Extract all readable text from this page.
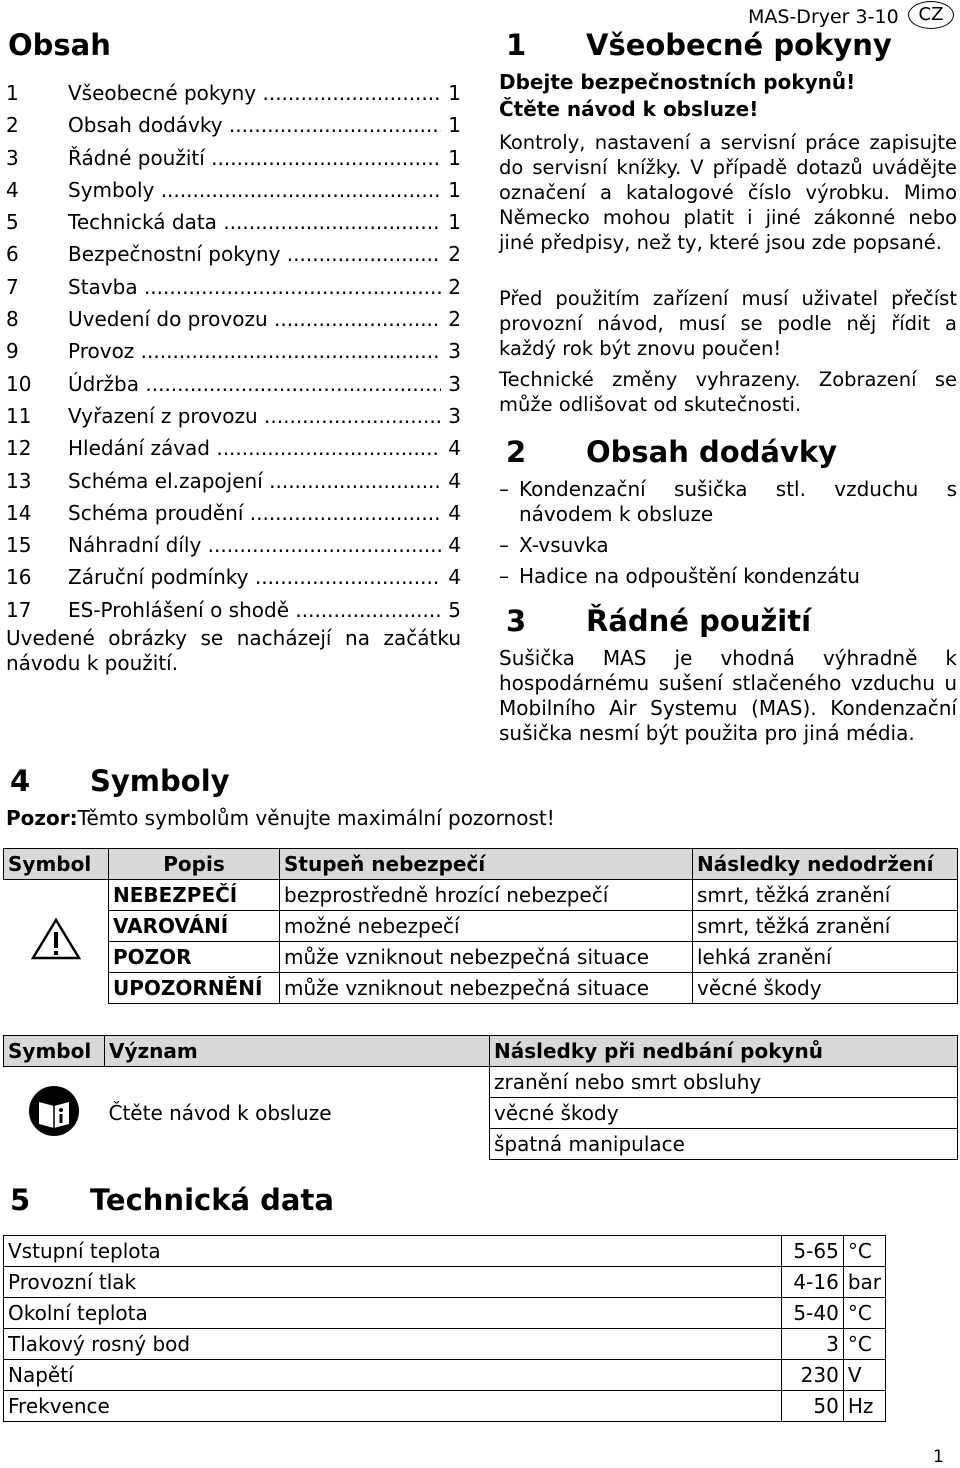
MAS-Dryer 3-10	CZ
Obsah
1	Všeobecné pokyny .....	1
2	Obsah dodávky .....	1
3	Řádné použití .....	1
4	Symboly .....	1
5	Technická data .....	1
6	Bezpečnostní pokyny .....	2
7	Stavba .....	2
8	Uvedení do provozu .....	2
9	Provoz .....	3
10	Údržba .....	3
11	Vyřazení z provozu .....	3
12	Hledání závad .....	4
13	Schéma el.zapojení .....	4
14	Schéma proudění .....	4
15	Náhradní díly .....	4
16	Záruční podmínky .....	4
17	ES-Prohlášení o shodě .....	5
Uvedené obrázky se nacházejí na začátku návodu k použití.
1 Všeobecné pokyny
Dbejte bezpečnostních pokynů!
Čtěte návod k obsluze!
Kontroly, nastavení a servisní práce zapisujte do servisní knížky. V případě dotazů uvádějte označení a katalogové číslo výrobku. Mimo Německo mohou platit i jiné zákonné nebo jiné předpisy, než ty, které jsou zde popsané.
Před použitím zařízení musí uživatel přečíst provozní návod, musí se podle něj řídit a každý rok být znovu poučen!
Technické změny vyhrazeny. Zobrazení se může odlišovat od skutečnosti.
2 Obsah dodávky
– Kondenzační sušička stl. vzduchu s návodem k obsluze
– X-vsuvka
– Hadice na odpouštění kondenzátu
3 Řádné použití
Sušička MAS je vhodná výhradně k hospodárnému sušení stlačeného vzduchu u Mobilního Air Systemu (MAS). Kondenzační sušička nesmí být použita pro jiná média.
4 Symboly
Pozor:Těmto symbolům věnujte maximální pozornost!
Symbol	Popis	Stupeň nebezpečí	Následky nedodržení
	NEBEZPEČÍ	bezprostředně hrozící nebezpečí	smrt, těžká zranění
	VAROVÁNÍ	možné nebezpečí	smrt, těžká zranění
	POZOR	může vzniknout nebezpečná situace	lehká zranění
	UPOZORNĚNÍ	může vzniknout nebezpečná situace	věcné škody
Symbol	Význam	Následky při nedbání pokynů
	Čtěte návod k obsluze	zranění nebo smrt obsluhy
		věcné škody
		špatná manipulace
5 Technická data
Vstupní teplota	5-65	°C
Provozní tlak	4-16	bar
Okolní teplota	5-40	°C
Tlakový rosný bod	3	°C
Napětí	230	V
Frekvence	50	Hz
1
